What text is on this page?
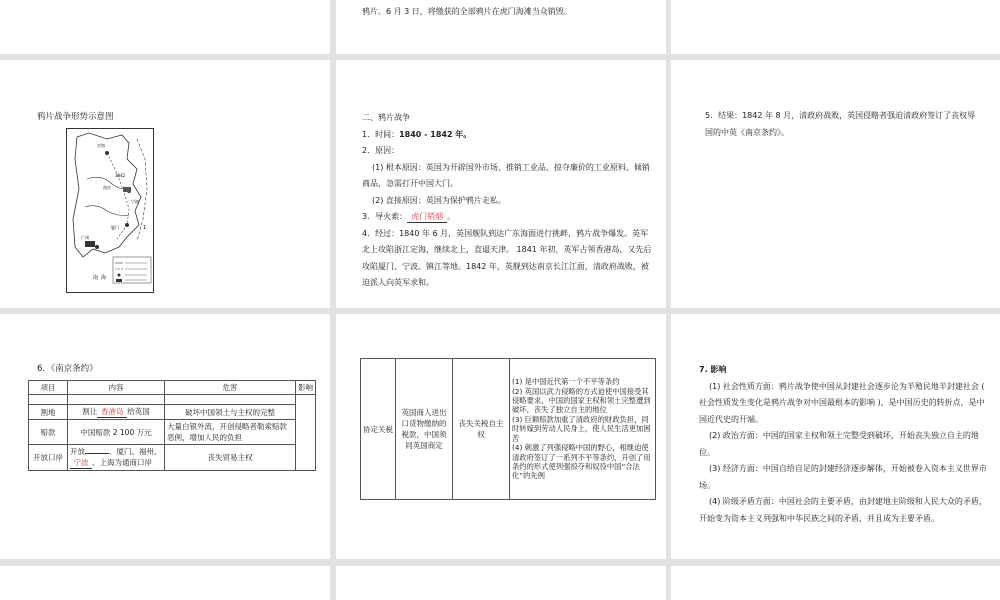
鸦片。6 月 3 日，将缴获的全部鸦片在虎门海滩当众销毁。
鸦片战争形势示意图
定海
1842
南京
宁波
厦门
广州
1
南 海
二、鸦片战争
1．时间：1840 - 1842 年。
2．原因：
(1) 根本原因：英国为开辟国外市场、推销工业品、掠夺廉价的工业原料、倾销商品，急需打开中国大门。
(2) 直接原因：英国为保护鸦片走私。
3．导火索： 虎门销烟 。
4．经过：1840 年 6 月，英国舰队到达广东海面进行挑衅，鸦片战争爆发。英军北上攻陷浙江定海，继续北上，直逼天津。 1841 年初，英军占领香港岛，又先后攻陷厦门、宁波、镇江等地。1842 年，英舰到达南京长江江面，清政府战败，被迫派人向英军求和。
5．结果：1842 年 8 月，清政府战败，英国侵略者强迫清政府签订了丧权辱国的中英《南京条约》。
6．《南京条约》
项目	内容	危害	影响

割地	割让 香港岛 给英国	破坏中国领土与主权的完整	
赔款	中国赔款 2 100 万元	大量白银外流，开创侵略者勒索赔款恶例，增加人民的负担	
开放口岸	开放 、厦门、福州、宁波 、上海为通商口岸	丧失贸易主权	
协定关税	英国商人进出口货物缴纳的税款，中国须同英国商定	丧失关税自主权	
(1) 是中国近代第一个不平等条约
(2) 英国以武力侵略的方式迫使中国接受其侵略要求，中国的国家主权和领土完整遭到破坏，丧失了独立自主的地位
(3) 巨额赔款加重了清政府的财政负担，同时转嫁到劳动人民身上，使人民生活更加困苦
(4) 刺激了列强侵略中国的野心，相继迫使清政府签订了一系列不平等条约，开创了用条约的形式使列强掠夺和奴役中国“合法化”的先例
7. 影响
(1) 社会性质方面：鸦片战争使中国从封建社会逐步沦为半殖民地半封建社会 ( 社会性质发生变化是鸦片战争对中国最根本的影响 )，是中国历史的转折点，是中国近代史的开端。
(2) 政治方面：中国的国家主权和领土完整受到破坏，开始丧失独立自主的地位。
(3) 经济方面：中国自给自足的封建经济逐步解体，开始被卷入资本主义世界市场。
(4) 阶级矛盾方面：中国社会的主要矛盾，由封建地主阶级和人民大众的矛盾，开始变为资本主义列强和中华民族之间的矛盾，并且成为主要矛盾。
